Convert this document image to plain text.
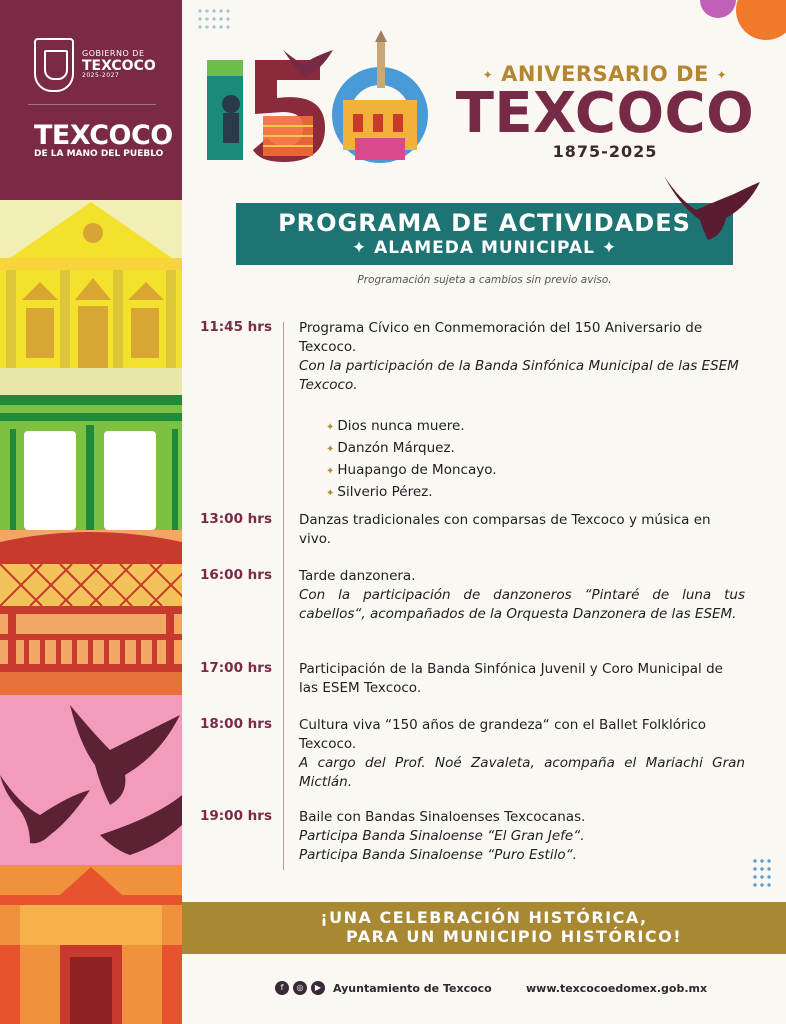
GOBIERNO DE
TEXCOCO
2025-2027
TEXCOCO
DE LA MANO DEL PUEBLO
✦ ANIVERSARIO DE ✦
TEXCOCO
1875-2025
PROGRAMA DE ACTIVIDADES
✦ ALAMEDA MUNICIPAL ✦
Programación sujeta a cambios sin previo aviso.
11:45 hrs	Programa Cívico en Conmemoración del 150 Aniversario de Texcoco.
Con la participación de la Banda Sinfónica Municipal de las ESEM Texcoco.
✦ Dios nunca muere.
✦ Danzón Márquez.
✦ Huapango de Moncayo.
✦ Silverio Pérez.
13:00 hrs	Danzas tradicionales con comparsas de Texcoco y música en vivo.
16:00 hrs	Tarde danzonera.
Con la participación de danzoneros “Pintaré de luna tus cabellos“, acompañados de la Orquesta Danzonera de las ESEM.
17:00 hrs	Participación de la Banda Sinfónica Juvenil y Coro Municipal de las ESEM Texcoco.
18:00 hrs	Cultura viva “150 años de grandeza“ con el Ballet Folklórico Texcoco.
A cargo del Prof. Noé Zavaleta, acompaña el Mariachi Gran Mictlán.
19:00 hrs	Baile con Bandas Sinaloenses Texcocanas.
Participa Banda Sinaloense “El Gran Jefe“.
Participa Banda Sinaloense “Puro Estilo“.
¡UNA CELEBRACIÓN HISTÓRICA,
PARA UN MUNICIPIO HISTÓRICO!
f	◎	▶	Ayuntamiento de Texcoco	www.texcocoedomex.gob.mx
